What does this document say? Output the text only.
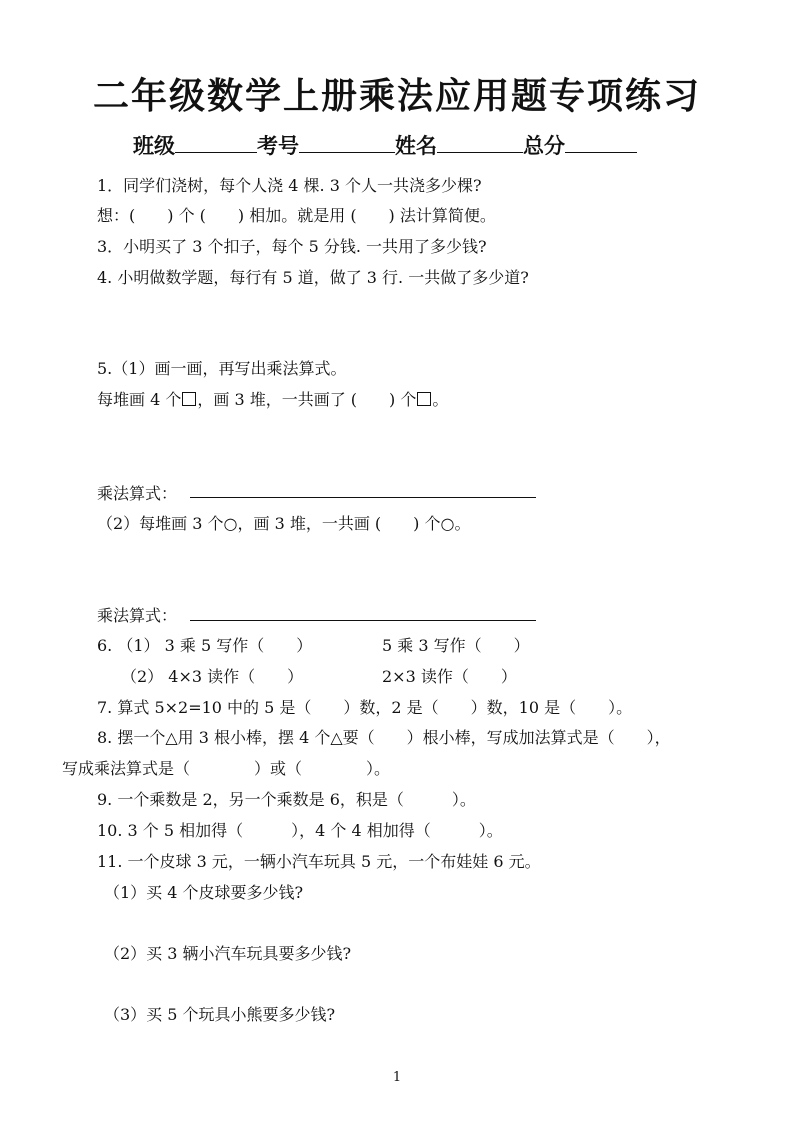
二年级数学上册乘法应用题专项练习
班级	考号	姓名	总分
1．同学们浇树，每个人浇 4 棵. 3 个人一共浇多少棵?
想：(　　) 个 (　　) 相加。就是用 (　　) 法计算简便。
3．小明买了 3 个扣子，每个 5 分钱. 一共用了多少钱?
4. 小明做数学题，每行有 5 道，做了 3 行. 一共做了多少道?
5.（1）画一画，再写出乘法算式。
每堆画 4 个 ，画 3 堆，一共画了 (　　) 个 。
乘法算式：
（2）每堆画 3 个○，画 3 堆，一共画 (　　) 个○。
乘法算式：
6. （1） 3 乘 5 写作（　　）	5 乘 3 写作（　　）
（2） 4×3 读作（　　）	2×3 读作（　　）
7. 算式 5×2=10 中的 5 是（　　）数，2 是（　　）数，10 是（　　）。
8. 摆一个△用 3 根小棒，摆 4 个△要（　　）根小棒，写成加法算式是（　　），
写成乘法算式是（　　　　）或（　　　　）。
9. 一个乘数是 2，另一个乘数是 6，积是（　　　）。
10. 3 个 5 相加得（　　　），4 个 4 相加得（　　　）。
11. 一个皮球 3 元，一辆小汽车玩具 5 元，一个布娃娃 6 元。
（1）买 4 个皮球要多少钱?
（2）买 3 辆小汽车玩具要多少钱?
（3）买 5 个玩具小熊要多少钱?
1
